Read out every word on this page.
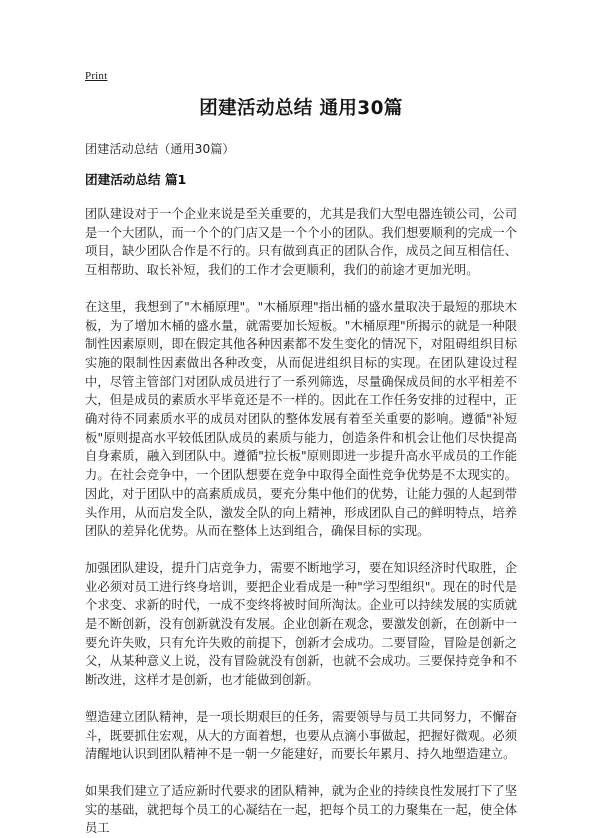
Print
团建活动总结 通用30篇

团建活动总结（通用30篇）

团建活动总结 篇1

团队建设对于一个企业来说是至关重要的，尤其是我们大型电器连锁公司，公司是一个大团队，而一个个的门店又是一个个小的团队。我们想要顺利的完成一个项目，缺少团队合作是不行的。只有做到真正的团队合作，成员之间互相信任、互相帮助、取长补短，我们的工作才会更顺利，我们的前途才更加光明。

在这里，我想到了"木桶原理"。"木桶原理"指出桶的盛水量取决于最短的那块木板，为了增加木桶的盛水量，就需要加长短板。"木桶原理"所揭示的就是一种限制性因素原则，即在假定其他各种因素都不发生变化的情况下，对阻碍组织目标实施的限制性因素做出各种改变，从而促进组织目标的实现。在团队建设过程中，尽管主管部门对团队成员进行了一系列筛选，尽量确保成员间的水平相差不大，但是成员的素质水平毕竟还是不一样的。因此在工作任务安排的过程中，正确对待不同素质水平的成员对团队的整体发展有着至关重要的影响。遵循"补短板"原则提高水平较低团队成员的素质与能力，创造条件和机会让他们尽快提高自身素质，融入到团队中。遵循"拉长板"原则即进一步提升高水平成员的工作能力。在社会竞争中，一个团队想要在竞争中取得全面性竞争优势是不太现实的。因此，对于团队中的高素质成员，要充分集中他们的优势，让能力强的人起到带头作用，从而启发全队，激发全队的向上精神，形成团队自己的鲜明特点，培养团队的差异化优势。从而在整体上达到组合，确保目标的实现。

加强团队建设，提升门店竞争力，需要不断地学习，要在知识经济时代取胜，企业必须对员工进行终身培训，要把企业看成是一种"学习型组织"。现在的时代是个求变、求新的时代，一成不变终将被时间所淘汰。企业可以持续发展的实质就是不断创新，没有创新就没有发展。企业创新在观念，要激发创新，在创新中一要允许失败，只有允许失败的前提下，创新才会成功。二要冒险，冒险是创新之父，从某种意义上说，没有冒险就没有创新，也就不会成功。三要保持竞争和不断改进，这样才是创新，也才能做到创新。

塑造建立团队精神，是一项长期艰巨的任务，需要领导与员工共同努力，不懈奋斗，既要抓住宏观，从大的方面着想，也要从点滴小事做起，把握好微观。必须清醒地认识到团队精神不是一朝一夕能建好，而要长年累月、持久地塑造建立。

如果我们建立了适应新时代要求的团队精神，就为企业的持续良性发展打下了坚实的基础，就把每个员工的心凝结在一起，把每个员工的力聚集在一起，使全体员工
